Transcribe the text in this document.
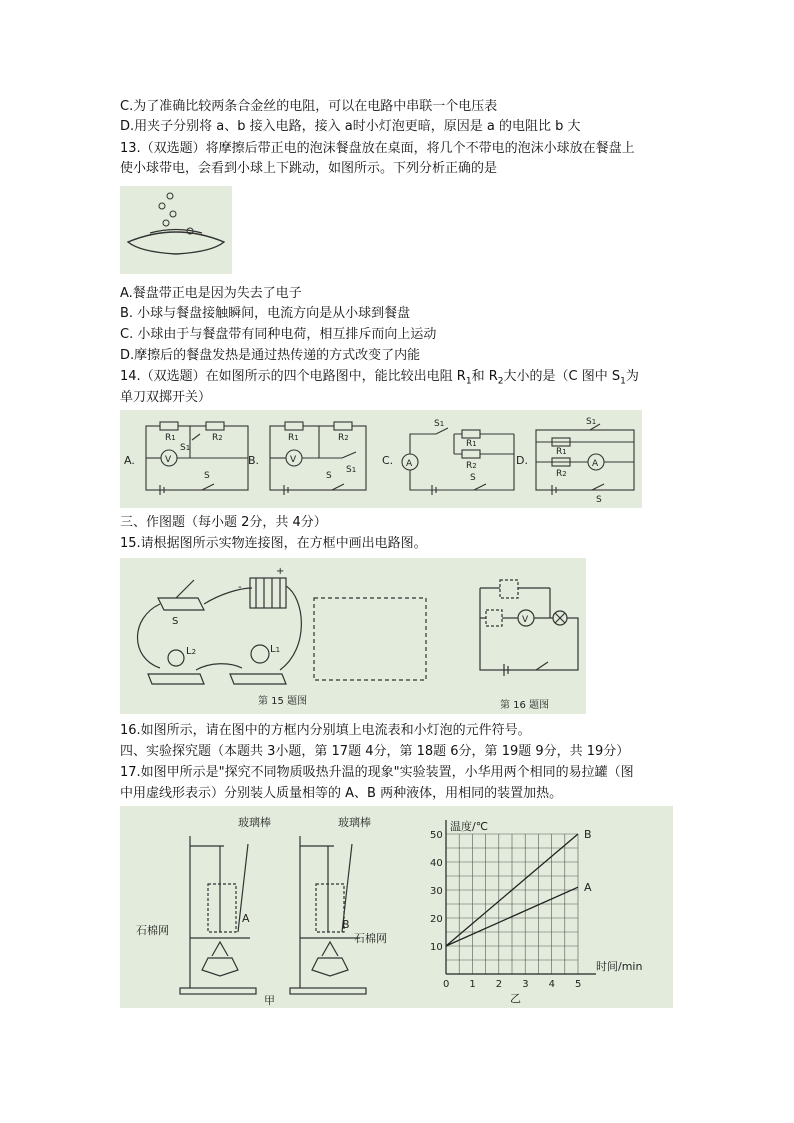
C.为了准确比较两条合金丝的电阻，可以在电路中串联一个电压表
D.用夹子分别将 a、b 接入电路，接入 a时小灯泡更暗，原因是 a 的电阻比 b 大
13.（双选题）将摩擦后带正电的泡沫餐盘放在桌面，将几个不带电的泡沫小球放在餐盘上
使小球带电，会看到小球上下跳动，如图所示。下列分析正确的是
A.餐盘带正电是因为失去了电子
B. 小球与餐盘接触瞬间，电流方向是从小球到餐盘
C. 小球由于与餐盘带有同种电荷，相互排斥而向上运动
D.摩擦后的餐盘发热是通过热传递的方式改变了内能
14.（双选题）在如图所示的四个电路图中，能比较出电阻 $R_1$和 $R_2$大小的是（C 图中 $S_1$为
单刀双掷开关）
A.
R1	R2
S1
V
S
B.
R1	R2
S1
V
S
C.
S1
R1
R2
A
S
D.
R1
R2
S1
A
S
三、作图题（每小题 2分，共 4分）
15.请根据图所示实物连接图，在方框中画出电路图。
S
-
+
L2	L1
V
第 15 题图	第 16 题图
16.如图所示，请在图中的方框内分别填上电流表和小灯泡的元件符号。
四、实验探究题（本题共 3小题，第 17题 4分，第 18题 6分，第 19题 9分，共 19分）
17.如图甲所示是"探究不同物质吸热升温的现象"实验装置，小华用两个相同的易拉罐（图
中用虚线形表示）分别装人质量相等的 A、B 两种液体，用相同的装置加热。
玻璃棒	玻璃棒
石棉网
石棉网
A	B
甲
0 1 2 3 4 5
10
20
30
40
50
A
B
温度/℃
时间/min
乙
